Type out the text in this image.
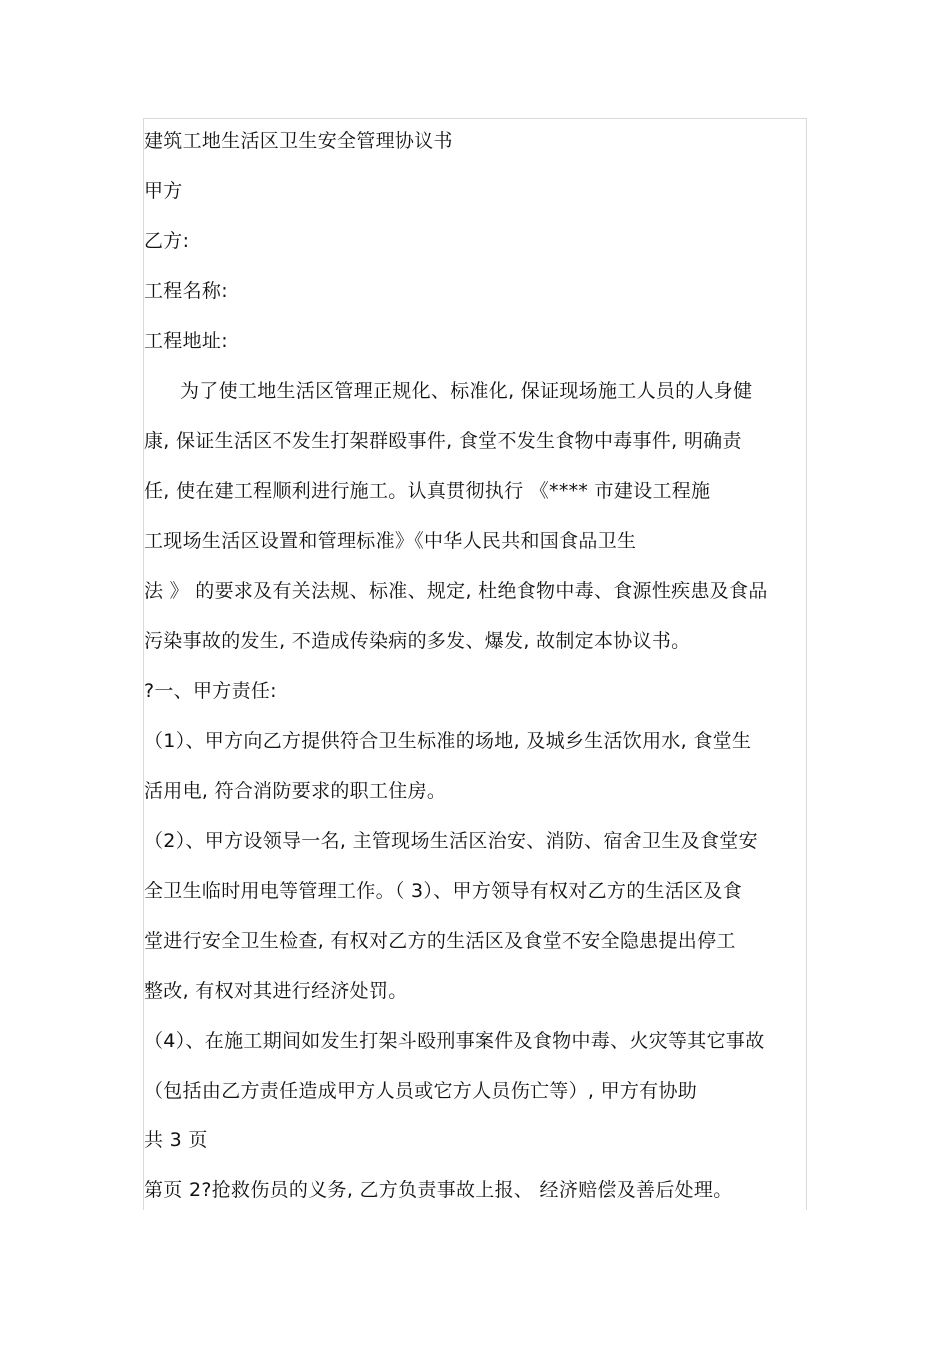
建筑工地生活区卫生安全管理协议书
甲方
乙方:
工程名称:
工程地址:
为了使工地生活区管理正规化、标准化, 保证现场施工人员的人身健
康, 保证生活区不发生打架群殴事件, 食堂不发生食物中毒事件, 明确责
任, 使在建工程顺利进行施工。认真贯彻执行 《**** 市建设工程施
工现场生活区设置和管理标准》《中华人民共和国食品卫生
法 》 的要求及有关法规、标准、规定, 杜绝食物中毒、食源性疾患及食品
污染事故的发生, 不造成传染病的多发、爆发, 故制定本协议书。
?一、甲方责任:
（1）、甲方向乙方提供符合卫生标准的场地, 及城乡生活饮用水, 食堂生
活用电, 符合消防要求的职工住房。
（2）、甲方设领导一名, 主管现场生活区治安、消防、宿舍卫生及食堂安
全卫生临时用电等管理工作。（ 3）、甲方领导有权对乙方的生活区及食
堂进行安全卫生检查, 有权对乙方的生活区及食堂不安全隐患提出停工
整改, 有权对其进行经济处罚。
（4）、在施工期间如发生打架斗殴刑事案件及食物中毒、火灾等其它事故
（包括由乙方责任造成甲方人员或它方人员伤亡等）, 甲方有协助
共 3 页
第页 2?抢救伤员的义务, 乙方负责事故上报、 经济赔偿及善后处理。
